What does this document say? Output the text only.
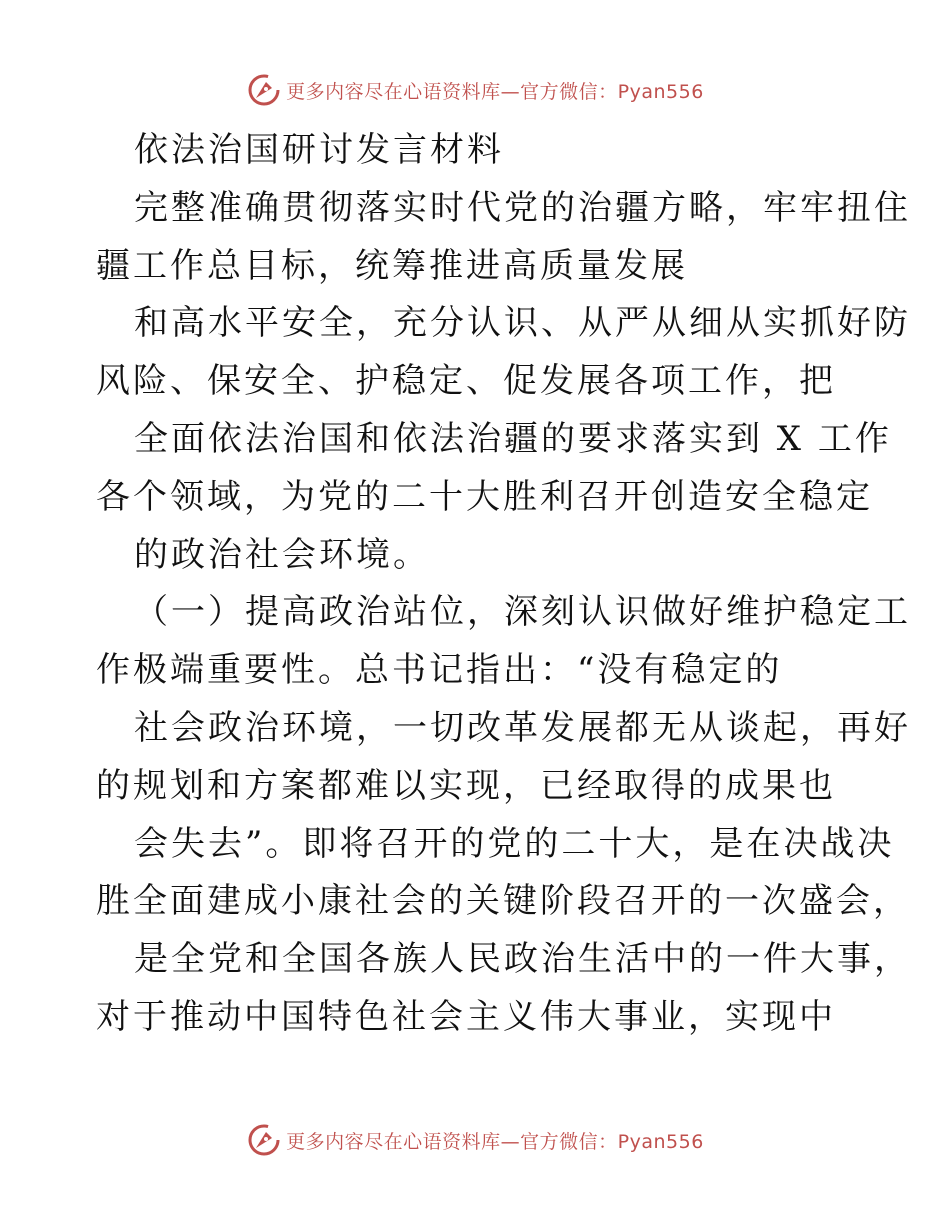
更多内容尽在心语资料库—官方微信：Pyan556
依法治国研讨发言材料
完整准确贯彻落实时代党的治疆方略，牢牢扭住
疆工作总目标，统筹推进高质量发展
和高水平安全，充分认识、从严从细从实抓好防
风险、保安全、护稳定、促发展各项工作，把
全面依法治国和依法治疆的要求落实到 X 工作
各个领域，为党的二十大胜利召开创造安全稳定
的政治社会环境。
（一）提高政治站位，深刻认识做好维护稳定工
作极端重要性。总书记指出：“没有稳定的
社会政治环境，一切改革发展都无从谈起，再好
的规划和方案都难以实现，已经取得的成果也
会失去”。即将召开的党的二十大，是在决战决
胜全面建成小康社会的关键阶段召开的一次盛会，
是全党和全国各族人民政治生活中的一件大事，
对于推动中国特色社会主义伟大事业，实现中
更多内容尽在心语资料库—官方微信：Pyan556
